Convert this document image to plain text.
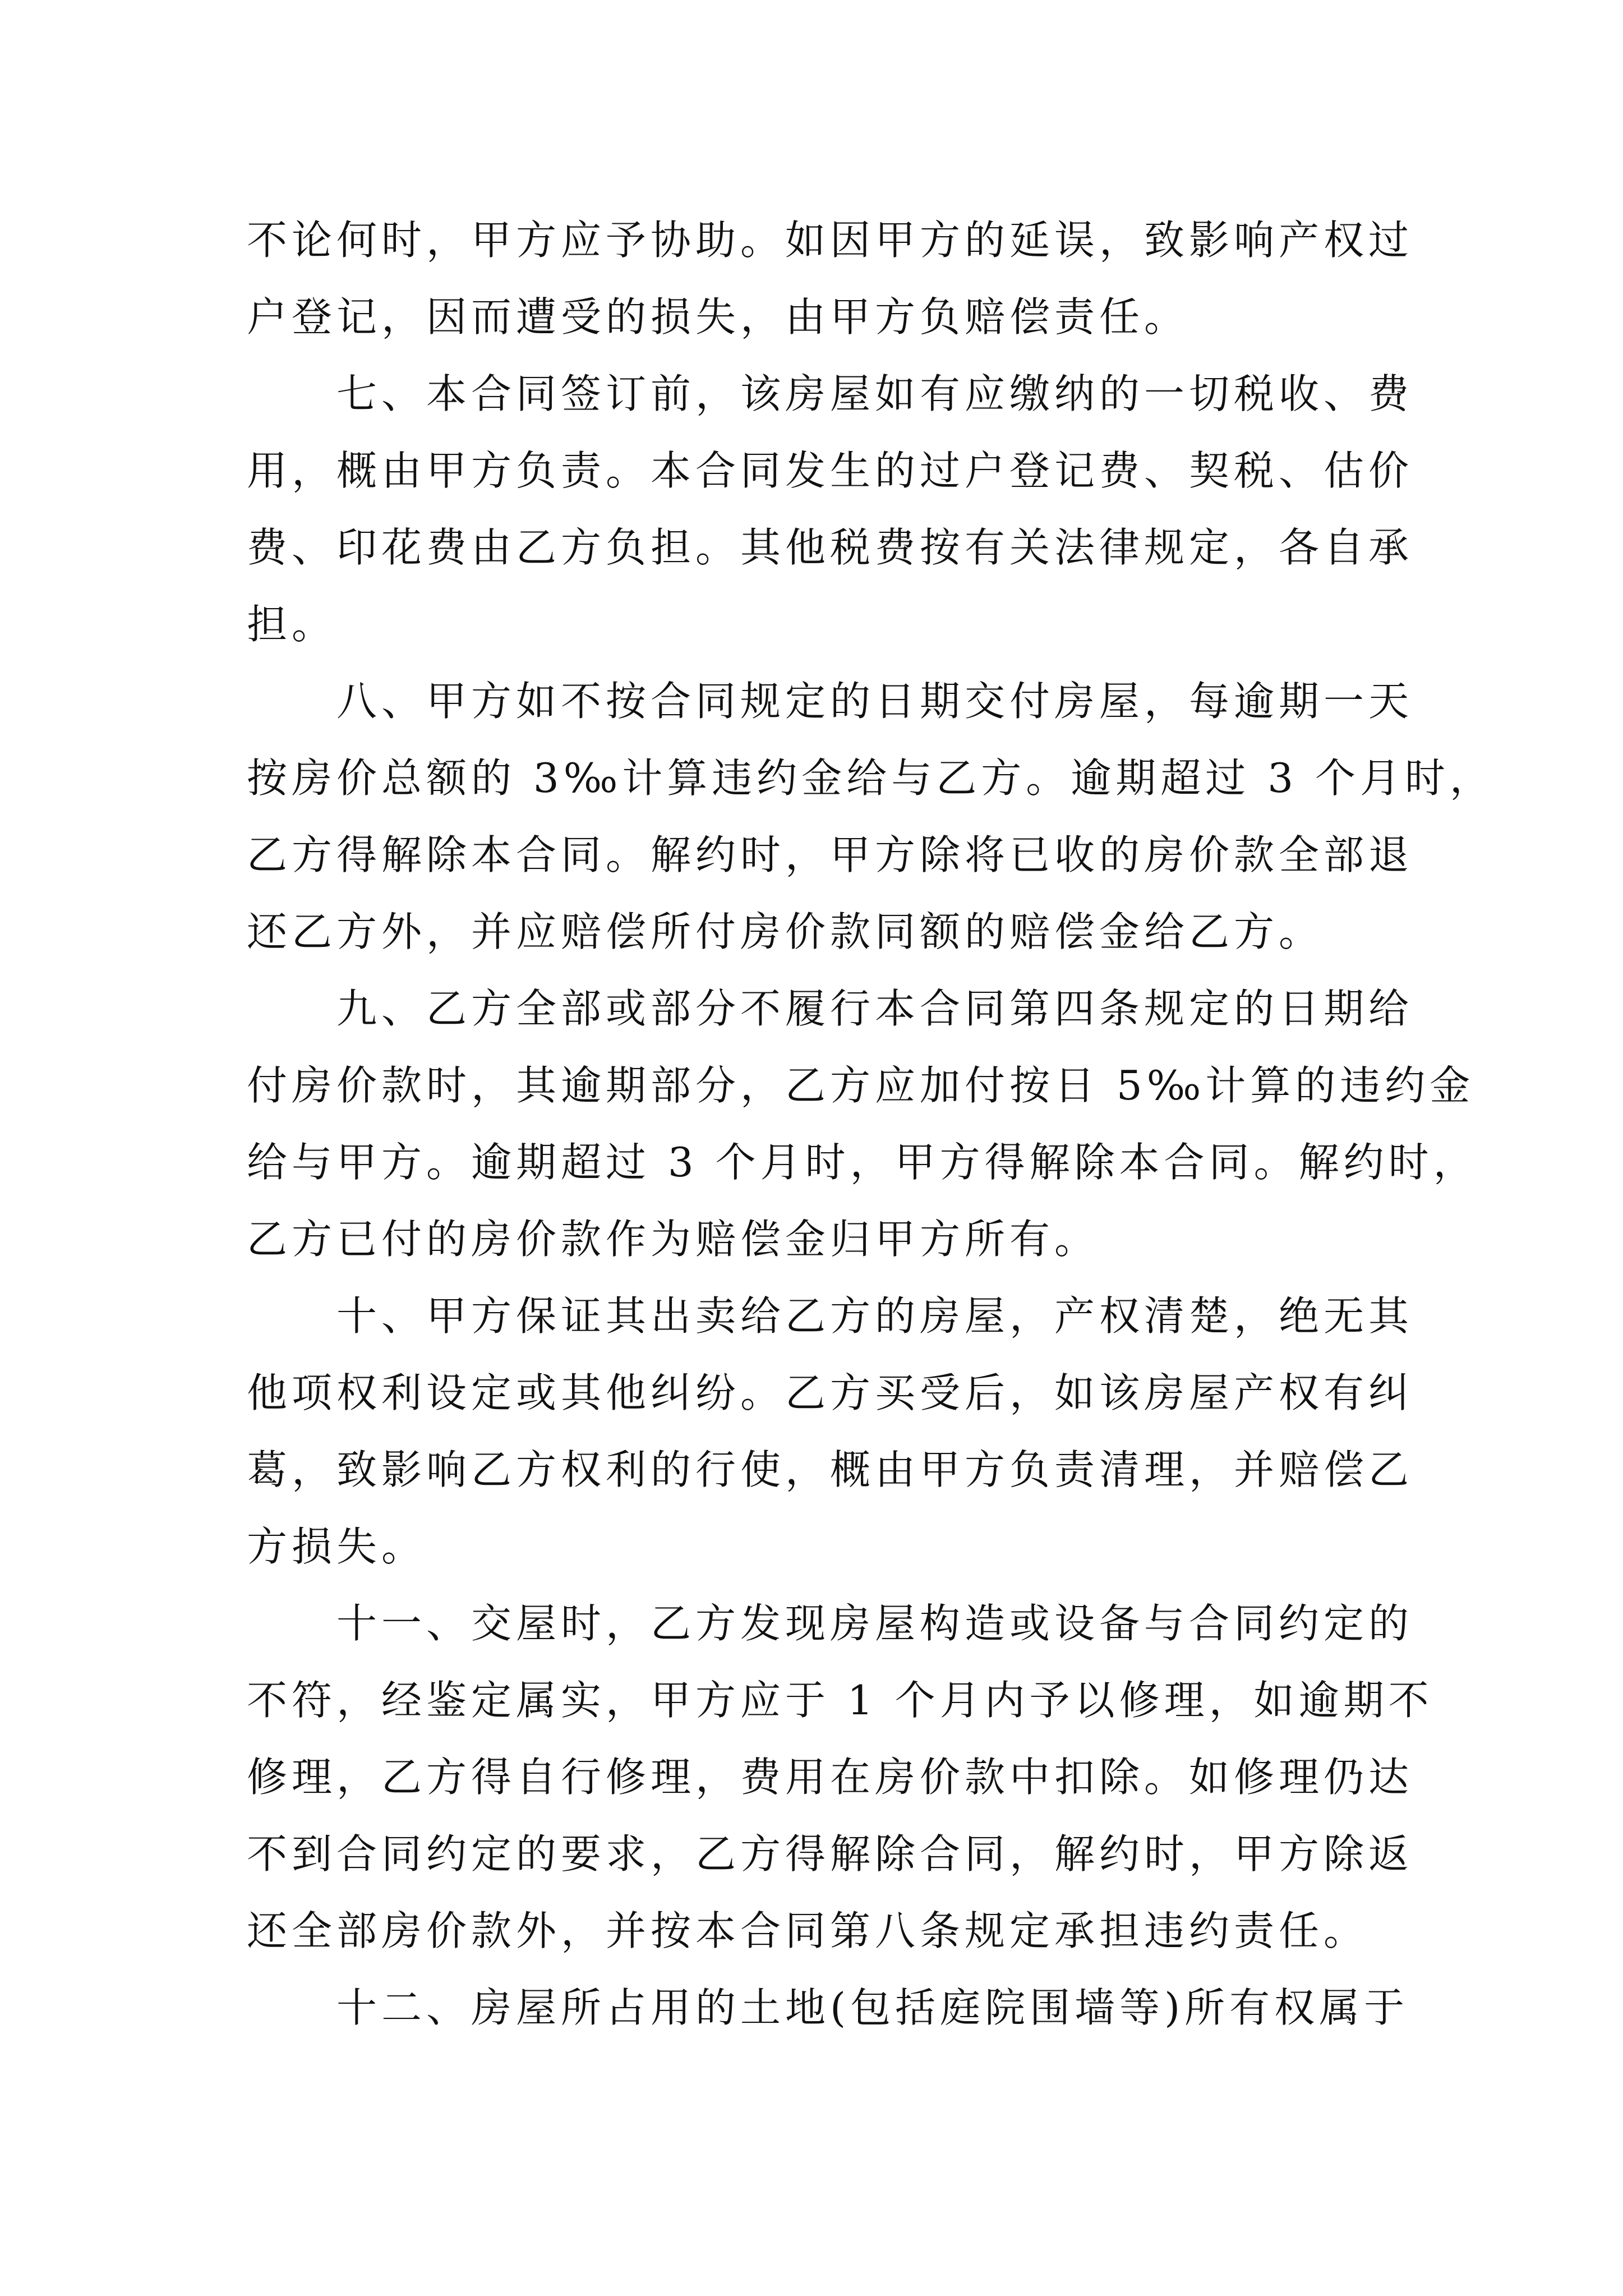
不论何时，甲方应予协助。如因甲方的延误，致影响产权过
户登记，因而遭受的损失，由甲方负赔偿责任。
七、本合同签订前，该房屋如有应缴纳的一切税收、费
用，概由甲方负责。本合同发生的过户登记费、契税、估价
费、印花费由乙方负担。其他税费按有关法律规定，各自承
担。
八、甲方如不按合同规定的日期交付房屋，每逾期一天
按房价总额的 3‰计算违约金给与乙方。逾期超过 3 个月时，
乙方得解除本合同。解约时，甲方除将已收的房价款全部退
还乙方外，并应赔偿所付房价款同额的赔偿金给乙方。
九、乙方全部或部分不履行本合同第四条规定的日期给
付房价款时，其逾期部分，乙方应加付按日 5‰计算的违约金
给与甲方。逾期超过 3 个月时，甲方得解除本合同。解约时，
乙方已付的房价款作为赔偿金归甲方所有。
十、甲方保证其出卖给乙方的房屋，产权清楚，绝无其
他项权利设定或其他纠纷。乙方买受后，如该房屋产权有纠
葛，致影响乙方权利的行使，概由甲方负责清理，并赔偿乙
方损失。
十一、交屋时，乙方发现房屋构造或设备与合同约定的
不符，经鉴定属实，甲方应于 1 个月内予以修理，如逾期不
修理，乙方得自行修理，费用在房价款中扣除。如修理仍达
不到合同约定的要求，乙方得解除合同，解约时，甲方除返
还全部房价款外，并按本合同第八条规定承担违约责任。
十二、房屋所占用的土地(包括庭院围墙等)所有权属于
